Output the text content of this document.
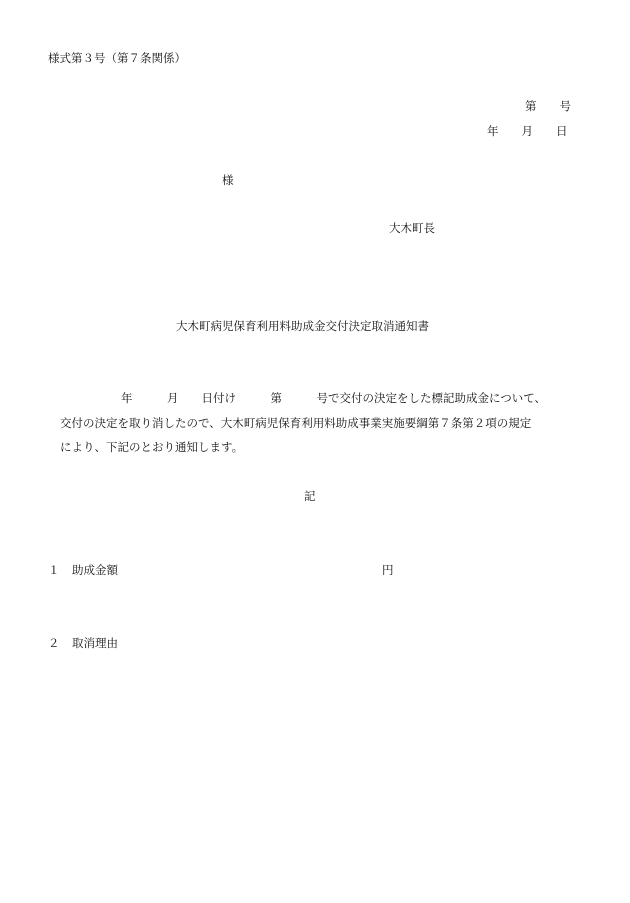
様式第３号（第７条関係）
第　　号
年　　月　　日
様
大木町長
大木町病児保育利用料助成金交付決定取消通知書
年　　　月　　日付け　　　第　　　号で交付の決定をした標記助成金について、
交付の決定を取り消したので、大木町病児保育利用料助成事業実施要綱第７条第２項の規定
により、下記のとおり通知します。
記
１ 助成金額	円
２ 取消理由
